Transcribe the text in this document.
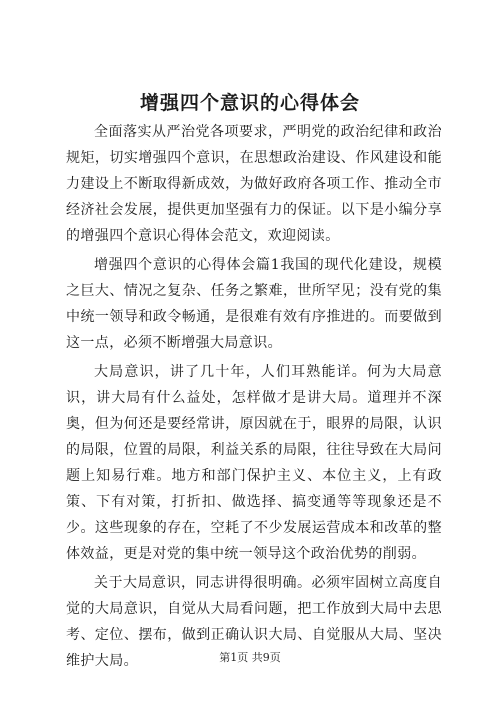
增强四个意识的心得体会

全面落实从严治党各项要求，严明党的政治纪律和政治规矩，切实增强四个意识，在思想政治建设、作风建设和能力建设上不断取得新成效，为做好政府各项工作、推动全市经济社会发展，提供更加坚强有力的保证。以下是小编分享的增强四个意识心得体会范文，欢迎阅读。

增强四个意识的心得体会篇1我国的现代化建设，规模之巨大、情况之复杂、任务之繁难，世所罕见；没有党的集中统一领导和政令畅通，是很难有效有序推进的。而要做到这一点，必须不断增强大局意识。

大局意识，讲了几十年，人们耳熟能详。何为大局意识，讲大局有什么益处，怎样做才是讲大局。道理并不深奥，但为何还是要经常讲，原因就在于，眼界的局限，认识的局限，位置的局限，利益关系的局限，往往导致在大局问题上知易行难。地方和部门保护主义、本位主义，上有政策、下有对策，打折扣、做选择、搞变通等等现象还是不少。这些现象的存在，空耗了不少发展运营成本和改革的整体效益，更是对党的集中统一领导这个政治优势的削弱。

关于大局意识，同志讲得很明确。必须牢固树立高度自觉的大局意识，自觉从大局看问题，把工作放到大局中去思考、定位、摆布，做到正确认识大局、自觉服从大局、坚决维护大局。	第1页 共9页
